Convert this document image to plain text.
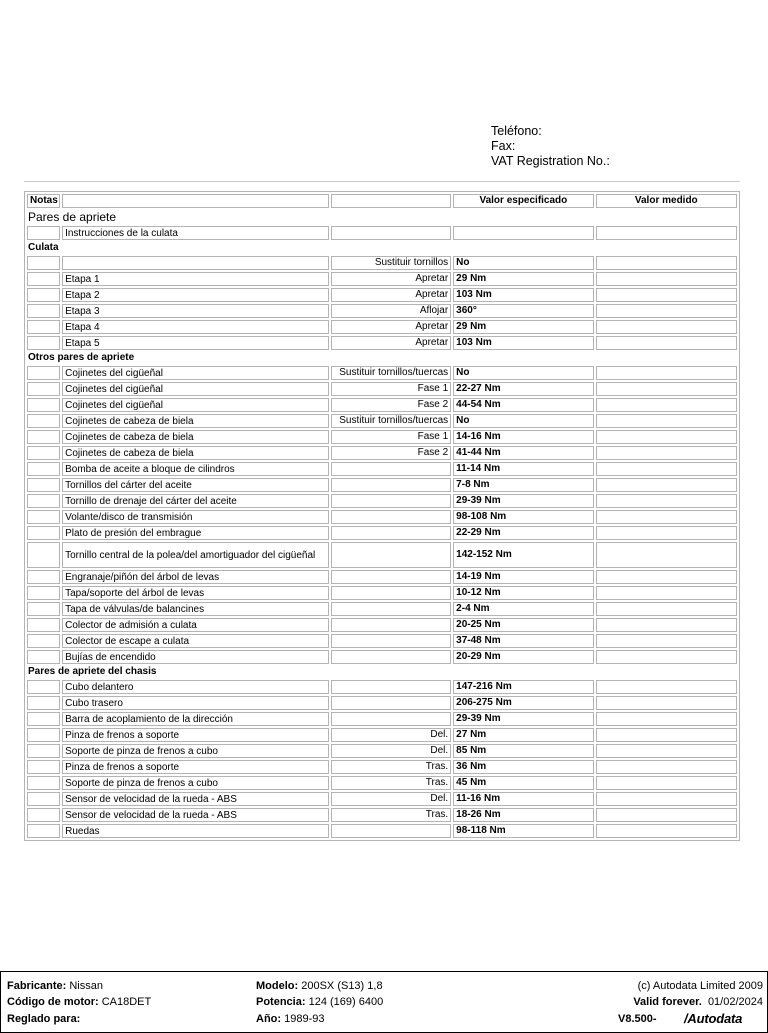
Teléfono:
Fax:
VAT Registration No.:
Notas			Valor especificado	Valor medido
Pares de apriete				
	Instrucciones de la culata			
Culata				
		Sustituir tornillos	No	
	Etapa 1	Apretar	29 Nm	
	Etapa 2	Apretar	103 Nm	
	Etapa 3	Aflojar	360°	
	Etapa 4	Apretar	29 Nm	
	Etapa 5	Apretar	103 Nm	
Otros pares de apriete				
	Cojinetes del cigüeñal	Sustituir tornillos/tuercas	No	
	Cojinetes del cigüeñal	Fase 1	22-27 Nm	
	Cojinetes del cigüeñal	Fase 2	44-54 Nm	
	Cojinetes de cabeza de biela	Sustituir tornillos/tuercas	No	
	Cojinetes de cabeza de biela	Fase 1	14-16 Nm	
	Cojinetes de cabeza de biela	Fase 2	41-44 Nm	
	Bomba de aceite a bloque de cilindros		11-14 Nm	
	Tornillos del cárter del aceite		7-8 Nm	
	Tornillo de drenaje del cárter del aceite		29-39 Nm	
	Volante/disco de transmisión		98-108 Nm	
	Plato de presión del embrague		22-29 Nm	
	Tornillo central de la polea/del amortiguador del cigüeñal		142-152 Nm	
	Engranaje/piñón del árbol de levas		14-19 Nm	
	Tapa/soporte del árbol de levas		10-12 Nm	
	Tapa de válvulas/de balancines		2-4 Nm	
	Colector de admisión a culata		20-25 Nm	
	Colector de escape a culata		37-48 Nm	
	Bujías de encendido		20-29 Nm	
Pares de apriete del chasis				
	Cubo delantero		147-216 Nm	
	Cubo trasero		206-275 Nm	
	Barra de acoplamiento de la dirección		29-39 Nm	
	Pinza de frenos a soporte	Del.	27 Nm	
	Soporte de pinza de frenos a cubo	Del.	85 Nm	
	Pinza de frenos a soporte	Tras.	36 Nm	
	Soporte de pinza de frenos a cubo	Tras.	45 Nm	
	Sensor de velocidad de la rueda - ABS	Del.	11-16 Nm	
	Sensor de velocidad de la rueda - ABS	Tras.	18-26 Nm	
	Ruedas		98-118 Nm	
Fabricante: Nissan
Código de motor: CA18DET
Reglado para:
Modelo: 200SX (S13) 1,8
Potencia: 124 (169) 6400
Año: 1989-93
(c) Autodata Limited 2009
Valid forever. 01/02/2024
V8.500- /Autodata
